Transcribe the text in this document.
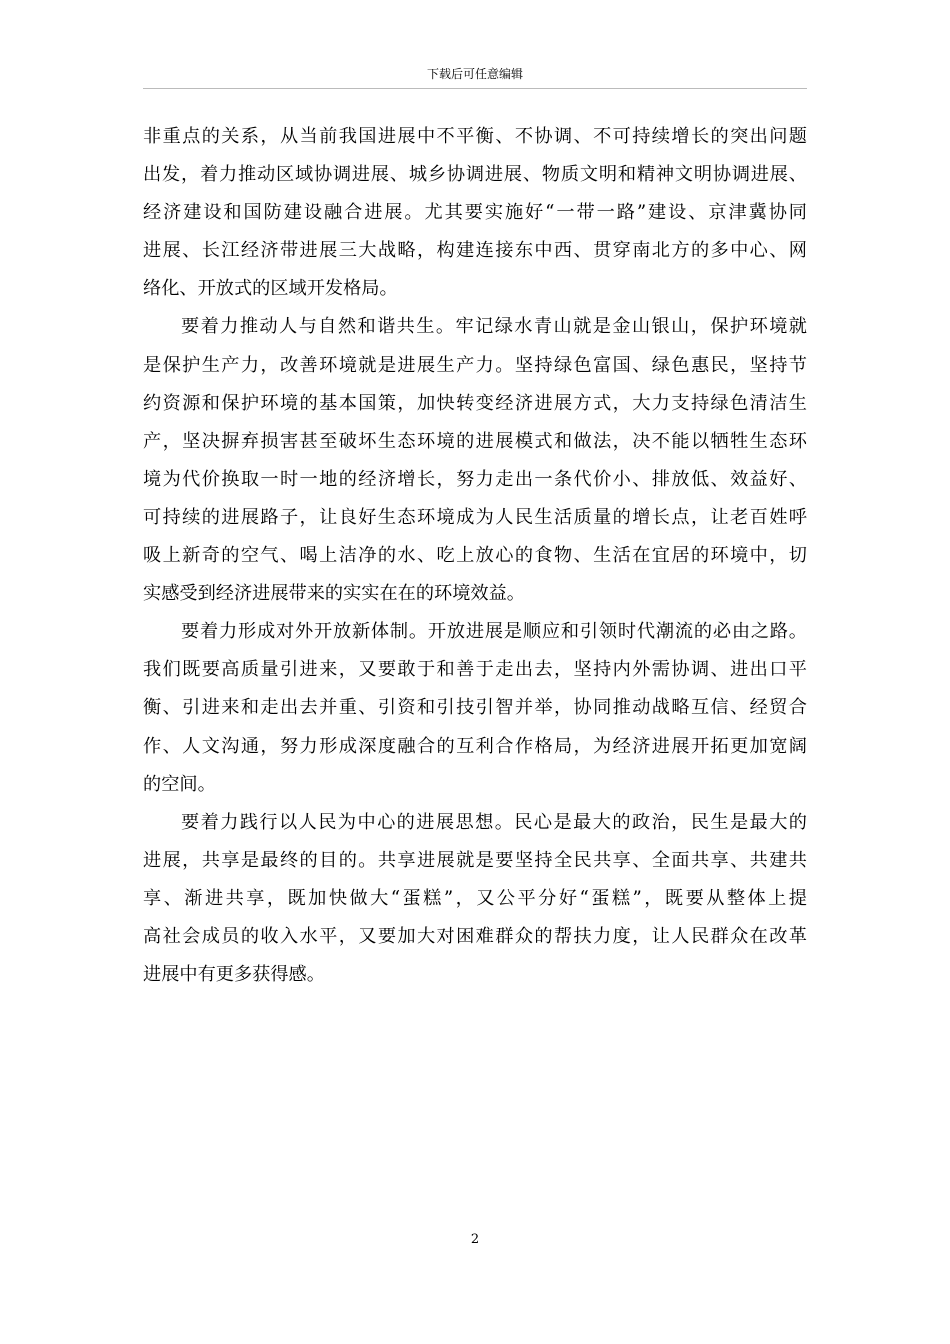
下载后可任意编辑
非重点的关系，从当前我国进展中不平衡、不协调、不可持续增长的突出问题
出发，着力推动区域协调进展、城乡协调进展、物质文明和精神文明协调进展、
经济建设和国防建设融合进展。尤其要实施好“一带一路”建设、京津冀协同
进展、长江经济带进展三大战略，构建连接东中西、贯穿南北方的多中心、网
络化、开放式的区域开发格局。
要着力推动人与自然和谐共生。牢记绿水青山就是金山银山，保护环境就
是保护生产力，改善环境就是进展生产力。坚持绿色富国、绿色惠民，坚持节
约资源和保护环境的基本国策，加快转变经济进展方式，大力支持绿色清洁生
产，坚决摒弃损害甚至破坏生态环境的进展模式和做法，决不能以牺牲生态环
境为代价换取一时一地的经济增长，努力走出一条代价小、排放低、效益好、
可持续的进展路子，让良好生态环境成为人民生活质量的增长点，让老百姓呼
吸上新奇的空气、喝上洁净的水、吃上放心的食物、生活在宜居的环境中，切
实感受到经济进展带来的实实在在的环境效益。
要着力形成对外开放新体制。开放进展是顺应和引领时代潮流的必由之路。
我们既要高质量引进来，又要敢于和善于走出去，坚持内外需协调、进出口平
衡、引进来和走出去并重、引资和引技引智并举，协同推动战略互信、经贸合
作、人文沟通，努力形成深度融合的互利合作格局，为经济进展开拓更加宽阔
的空间。
要着力践行以人民为中心的进展思想。民心是最大的政治，民生是最大的
进展，共享是最终的目的。共享进展就是要坚持全民共享、全面共享、共建共
享、渐进共享，既加快做大“蛋糕”，又公平分好“蛋糕”，既要从整体上提
高社会成员的收入水平，又要加大对困难群众的帮扶力度，让人民群众在改革
进展中有更多获得感。
2
